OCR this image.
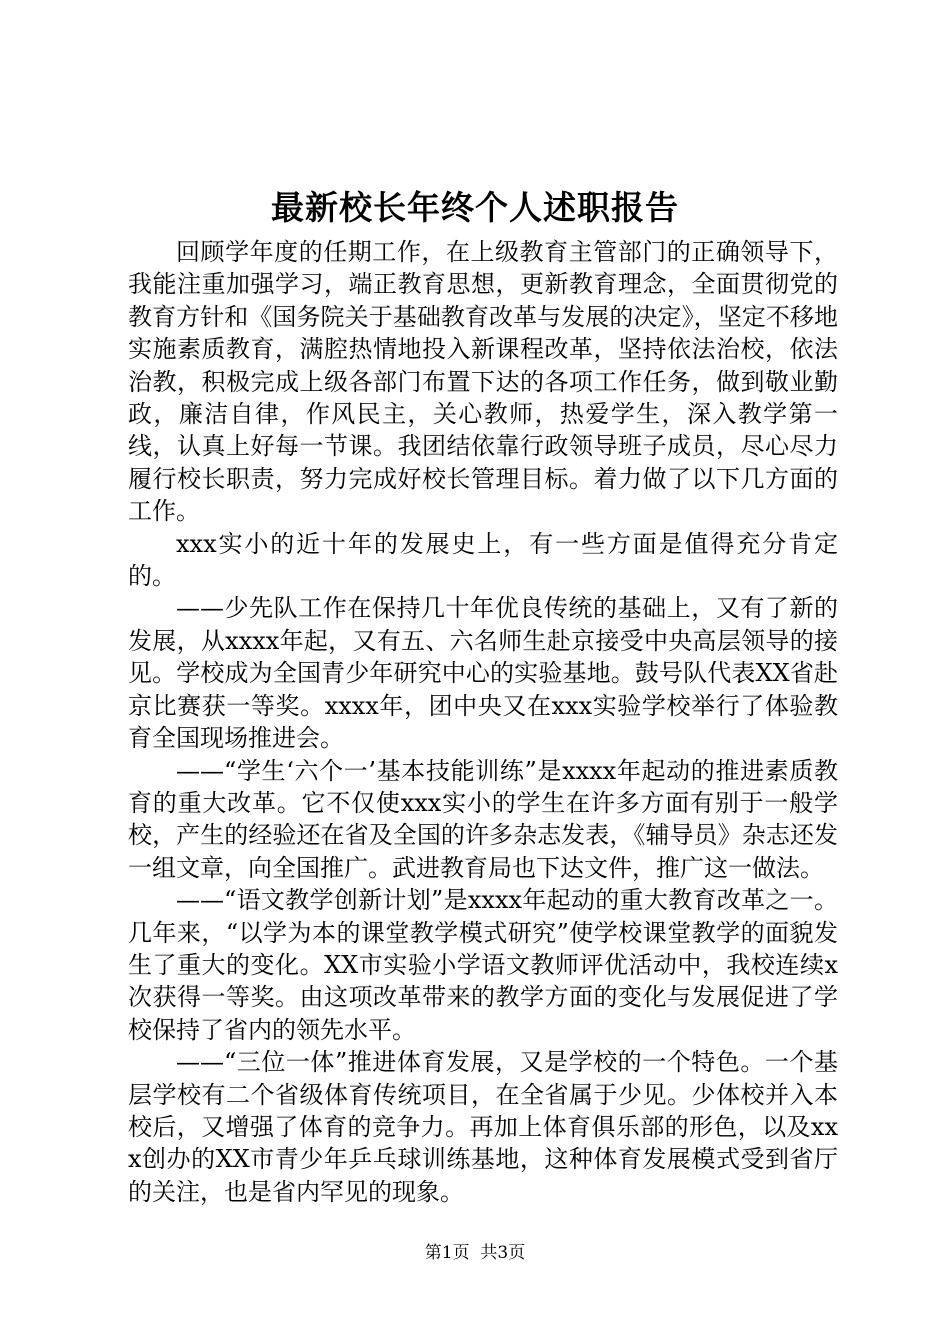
最新校长年终个人述职报告

回顾学年度的任期工作，在上级教育主管部门的正确领导下，我能注重加强学习，端正教育思想，更新教育理念，全面贯彻党的教育方针和《国务院关于基础教育改革与发展的决定》，坚定不移地实施素质教育，满腔热情地投入新课程改革，坚持依法治校，依法治教，积极完成上级各部门布置下达的各项工作任务，做到敬业勤政，廉洁自律，作风民主，关心教师，热爱学生，深入教学第一线，认真上好每一节课。我团结依靠行政领导班子成员，尽心尽力履行校长职责，努力完成好校长管理目标。着力做了以下几方面的工作。

xxx实小的近十年的发展史上，有一些方面是值得充分肯定的。

——少先队工作在保持几十年优良传统的基础上，又有了新的发展，从xxxx年起，又有五、六名师生赴京接受中央高层领导的接见。学校成为全国青少年研究中心的实验基地。鼓号队代表XX省赴京比赛获一等奖。xxxx年，团中央又在xxx实验学校举行了体验教育全国现场推进会。

——“学生‘六个一’基本技能训练”是xxxx年起动的推进素质教育的重大改革。它不仅使xxx实小的学生在许多方面有别于一般学校，产生的经验还在省及全国的许多杂志发表，《辅导员》杂志还发一组文章，向全国推广。武进教育局也下达文件，推广这一做法。

——“语文教学创新计划”是xxxx年起动的重大教育改革之一。几年来，“以学为本的课堂教学模式研究”使学校课堂教学的面貌发生了重大的变化。XX市实验小学语文教师评优活动中，我校连续x次获得一等奖。由这项改革带来的教学方面的变化与发展促进了学校保持了省内的领先水平。

——“三位一体”推进体育发展，又是学校的一个特色。一个基层学校有二个省级体育传统项目，在全省属于少见。少体校并入本校后，又增强了体育的竞争力。再加上体育俱乐部的形色，以及xxx创办的XX市青少年乒乓球训练基地，这种体育发展模式受到省厅的关注，也是省内罕见的现象。

第1页 共3页
